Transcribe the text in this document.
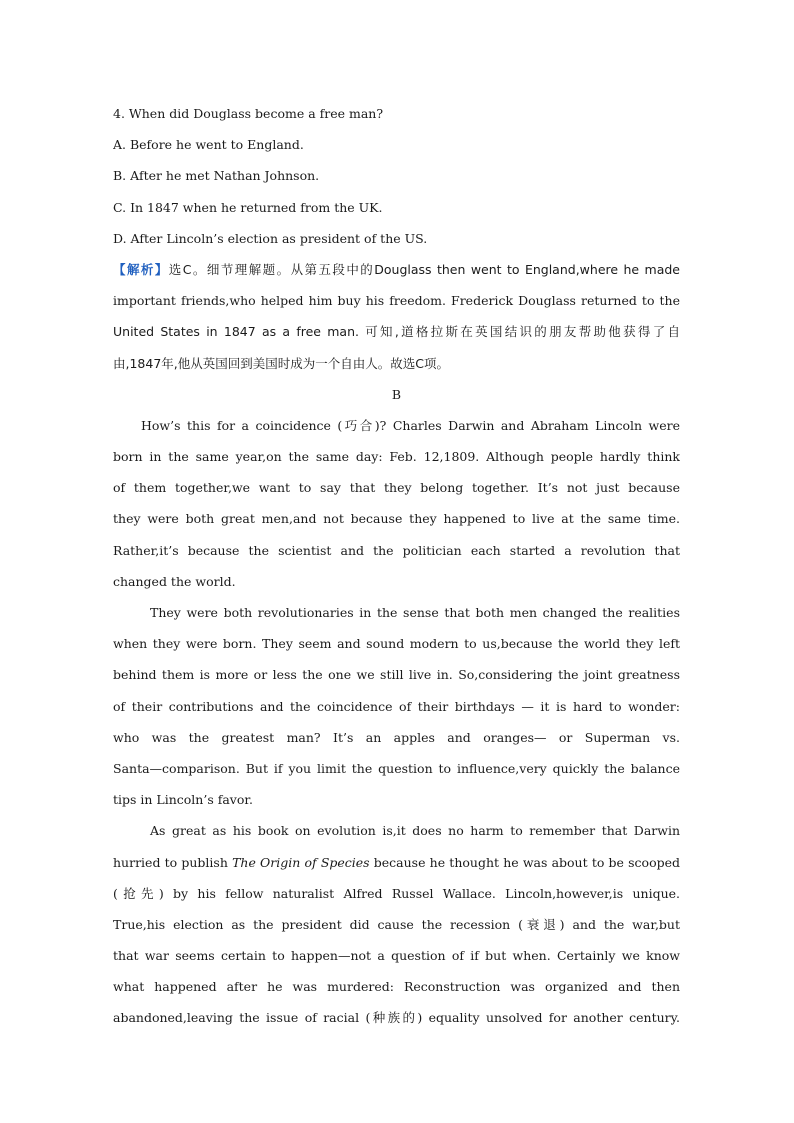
4. When did Douglass become a free man?
A. Before he went to England.
B. After he met Nathan Johnson.
C. In 1847 when he returned from the UK.
D. After Lincoln’s election as president of the US.
【解析】选C。细节理解题。从第五段中的Douglass then went to England,where he made
important friends,who helped him buy his freedom. Frederick Douglass returned to the
United States in 1847 as a free man. 可知,道格拉斯在英国结识的朋友帮助他获得了自
由,1847年,他从英国回到美国时成为一个自由人。故选C项。
B
How’s this for a coincidence (巧合)? Charles Darwin and Abraham Lincoln were
born in the same year,on the same day: Feb. 12,1809. Although people hardly think
of them together,we want to say that they belong together. It’s not just because
they were both great men,and not because they happened to live at the same time.
Rather,it’s because the scientist and the politician each started a revolution that
changed the world.
They were both revolutionaries in the sense that both men changed the realities
when they were born. They seem and sound modern to us,because the world they left
behind them is more or less the one we still live in. So,considering the joint greatness
of their contributions and the coincidence of their birthdays — it is hard to wonder:
who was the greatest man? It’s an apples and oranges— or Superman vs.
Santa—comparison. But if you limit the question to influence,very quickly the balance
tips in Lincoln’s favor.
As great as his book on evolution is,it does no harm to remember that Darwin
hurried to publish The Origin of Species because he thought he was about to be scooped
(抢先) by his fellow naturalist Alfred Russel Wallace. Lincoln,however,is unique.
True,his election as the president did cause the recession (衰退) and the war,but
that war seems certain to happen—not a question of if but when. Certainly we know
what happened after he was murdered: Reconstruction was organized and then
abandoned,leaving the issue of racial (种族的) equality unsolved for another century.
